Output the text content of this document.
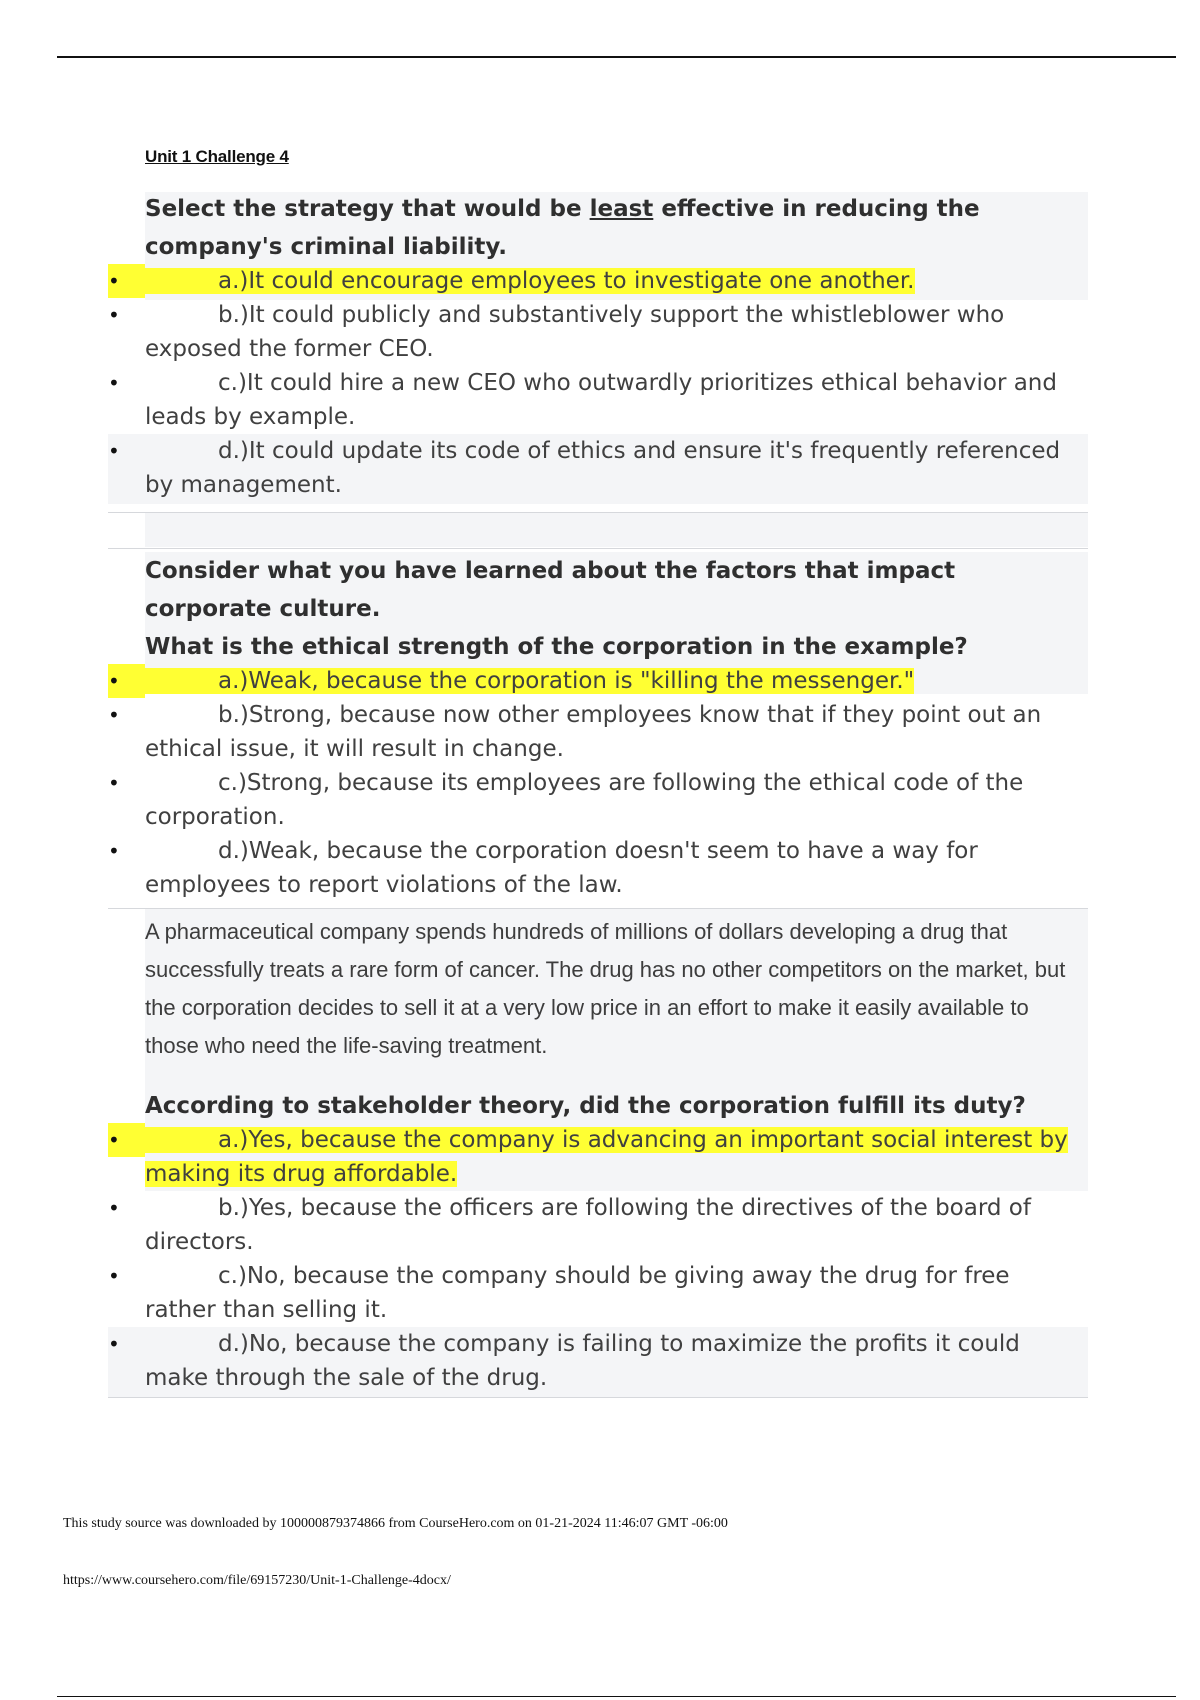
Unit 1 Challenge 4
Select the strategy that would be least effective in reducing the company's criminal liability.
•	a.)It could encourage employees to investigate one another.
•	b.)It could publicly and substantively support the whistleblower who exposed the former CEO.
•	c.)It could hire a new CEO who outwardly prioritizes ethical behavior and leads by example.
•	d.)It could update its code of ethics and ensure it's frequently referenced by management.
Consider what you have learned about the factors that impact corporate culture.
What is the ethical strength of the corporation in the example?
•	a.)Weak, because the corporation is "killing the messenger."
•	b.)Strong, because now other employees know that if they point out an ethical issue, it will result in change.
•	c.)Strong, because its employees are following the ethical code of the corporation.
•	d.)Weak, because the corporation doesn't seem to have a way for employees to report violations of the law.
A pharmaceutical company spends hundreds of millions of dollars developing a drug that successfully treats a rare form of cancer. The drug has no other competitors on the market, but the corporation decides to sell it at a very low price in an effort to make it easily available to those who need the life-saving treatment.
According to stakeholder theory, did the corporation fulfill its duty?
•	a.)Yes, because the company is advancing an important social interest by making its drug affordable.
•	b.)Yes, because the officers are following the directives of the board of directors.
•	c.)No, because the company should be giving away the drug for free rather than selling it.
•	d.)No, because the company is failing to maximize the profits it could make through the sale of the drug.
This study source was downloaded by 100000879374866 from CourseHero.com on 01-21-2024 11:46:07 GMT -06:00
https://www.coursehero.com/file/69157230/Unit-1-Challenge-4docx/
